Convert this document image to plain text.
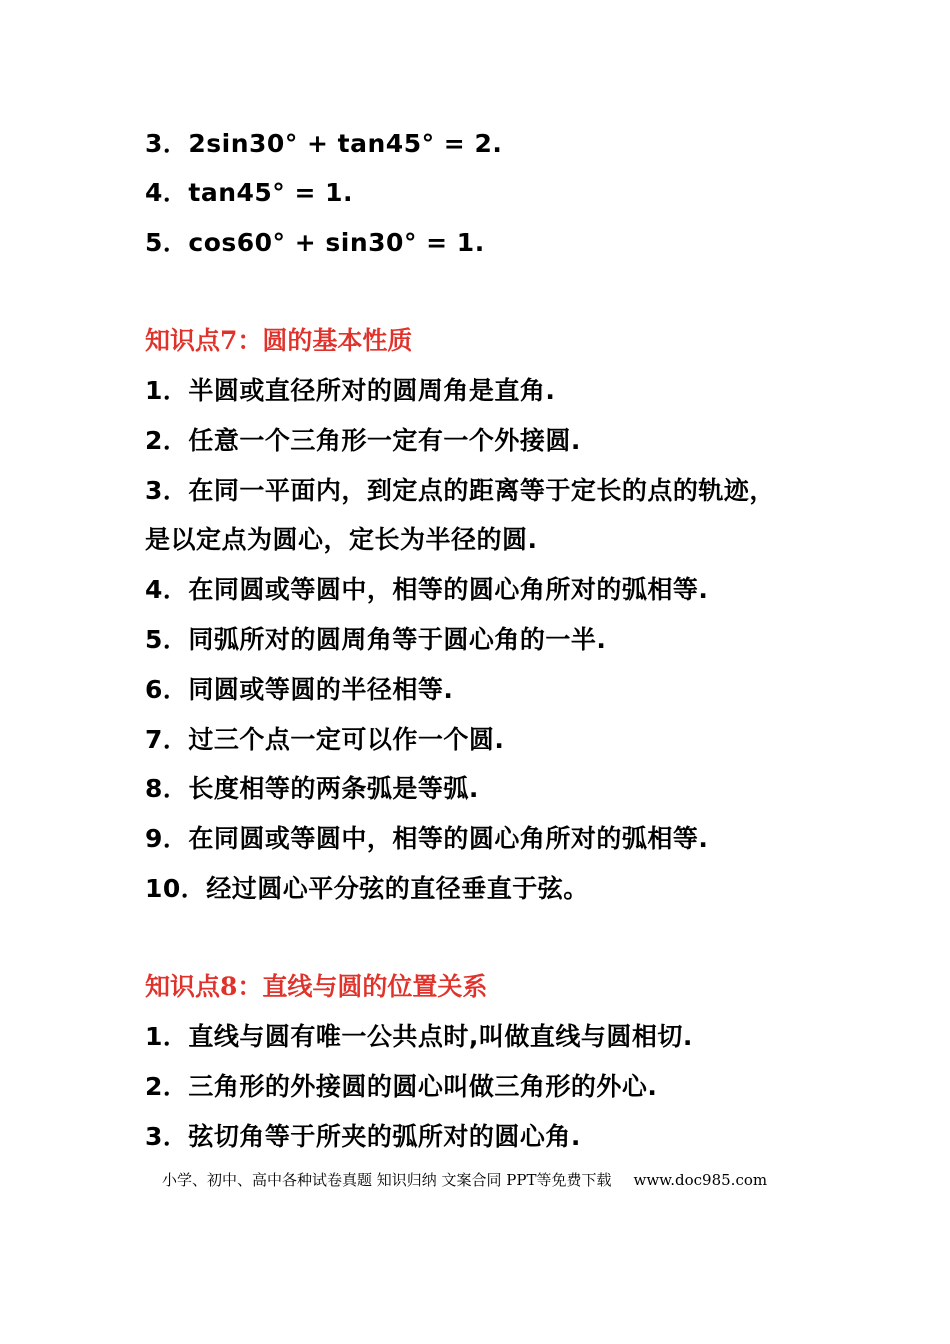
3．2sin30° + tan45° = 2.
4．tan45° = 1.
5．cos60° + sin30° = 1.
知识点7：圆的基本性质
1．半圆或直径所对的圆周角是直角.
2．任意一个三角形一定有一个外接圆.
3．在同一平面内，到定点的距离等于定长的点的轨迹，
是以定点为圆心，定长为半径的圆.
4．在同圆或等圆中，相等的圆心角所对的弧相等.
5．同弧所对的圆周角等于圆心角的一半.
6．同圆或等圆的半径相等.
7．过三个点一定可以作一个圆.
8．长度相等的两条弧是等弧.
9．在同圆或等圆中，相等的圆心角所对的弧相等.
10．经过圆心平分弦的直径垂直于弦。
知识点8：直线与圆的位置关系
1．直线与圆有唯一公共点时,叫做直线与圆相切.
2．三角形的外接圆的圆心叫做三角形的外心.
3．弦切角等于所夹的弧所对的圆心角.
小学、初中、高中各种试卷真题 知识归纳 文案合同 PPT等免费下载 www.doc985.com
